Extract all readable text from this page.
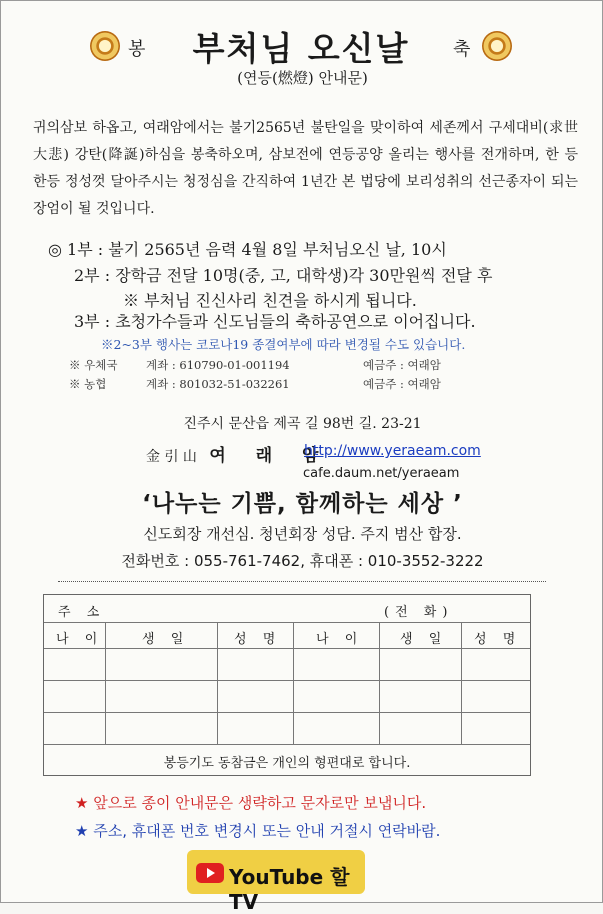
봉	부처님 오신날	축
(연등(燃燈) 안내문)
귀의삼보 하옵고, 여래암에서는 불기2565년 불탄일을 맞이하여 세존께서 구세대비(求世大悲) 강탄(降誕)하심을 봉축하오며, 삼보전에 연등공양 올리는 행사를 전개하며, 한 등 한등 정성껏 달아주시는 청정심을 간직하여 1년간 본 법당에 보리성취의 선근종자이 되는 장엄이 될 것입니다.
◎ 1부 : 불기 2565년 음력 4월 8일 부처님오신 날, 10시
2부 : 장학금 전달 10명(중, 고, 대학생)각 30만원씩 전달 후
※ 부처님 진신사리 친견을 하시게 됩니다.
3부 : 초청가수들과 신도님들의 축하공연으로 이어집니다.
※2~3부 행사는 코로나19 종결여부에 따라 변경될 수도 있습니다.
※ 우체국 계좌 : 610790-01-001194	예금주 : 여래암
※ 농협	계좌 : 801032-51-032261	예금주 : 여래암
진주시 문산읍 제곡 길 98번 길. 23-21
金 引 山 여 래 암
http://www.yeraeam.com
cafe.daum.net/yeraeam
‘나누는 기쁨, 함께하는 세상 ’
신도회장 개선심. 청년회장 성담. 주지 범산 합장.
전화번호 : 055-761-7462, 휴대폰 : 010-3552-3222
주 소	(전 화)
나 이	생 일	성 명	나 이	생 일 성 명
봉등기도 동참금은 개인의 형편대로 합니다.
★ 앞으로 종이 안내문은 생략하고 문자로만 보냅니다.
★ 주소, 휴대폰 번호 변경시 또는 안내 거절시 연락바람.
YouTube 할TV
